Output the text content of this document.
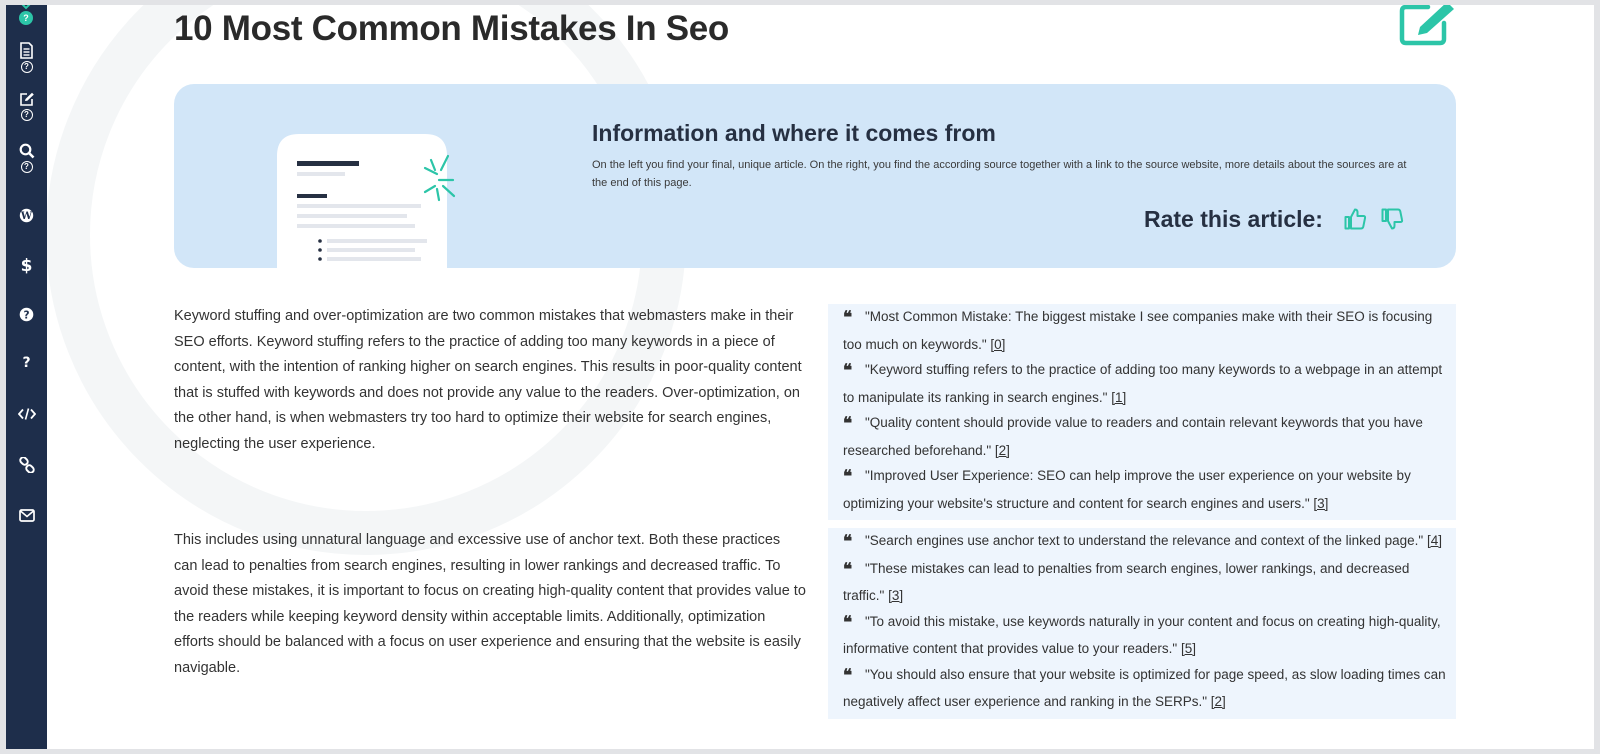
?
?
?
?
W
$
?
?
10 Most Common Mistakes In Seo
Information and where it comes from

On the left you find your final, unique article. On the right, you find the according source together with a link to the source website, more details about the sources are at the end of this page.

Rate this article:

Keyword stuffing and over-optimization are two common mistakes that webmasters make in their SEO efforts. Keyword stuffing refers to the practice of adding too many keywords in a piece of content, with the intention of ranking higher on search engines. This results in poor-quality content that is stuffed with keywords and does not provide any value to the readers. Over-optimization, on the other hand, is when webmasters try too hard to optimize their website for search engines, neglecting the user experience.

❝ "Most Common Mistake: The biggest mistake I see companies make with their SEO is focusing too much on keywords." [0]
❝ "Keyword stuffing refers to the practice of adding too many keywords to a webpage in an attempt to manipulate its ranking in search engines." [1]
❝ "Quality content should provide value to readers and contain relevant keywords that you have researched beforehand." [2]
❝ "Improved User Experience: SEO can help improve the user experience on your website by optimizing your website's structure and content for search engines and users." [3]

This includes using unnatural language and excessive use of anchor text. Both these practices can lead to penalties from search engines, resulting in lower rankings and decreased traffic. To avoid these mistakes, it is important to focus on creating high-quality content that provides value to the readers while keeping keyword density within acceptable limits. Additionally, optimization efforts should be balanced with a focus on user experience and ensuring that the website is easily navigable.

❝ "Search engines use anchor text to understand the relevance and context of the linked page." [4]
❝ "These mistakes can lead to penalties from search engines, lower rankings, and decreased traffic." [3]
❝ "To avoid this mistake, use keywords naturally in your content and focus on creating high-quality, informative content that provides value to your readers." [5]
❝ "You should also ensure that your website is optimized for page speed, as slow loading times can negatively affect user experience and ranking in the SERPs." [2]
